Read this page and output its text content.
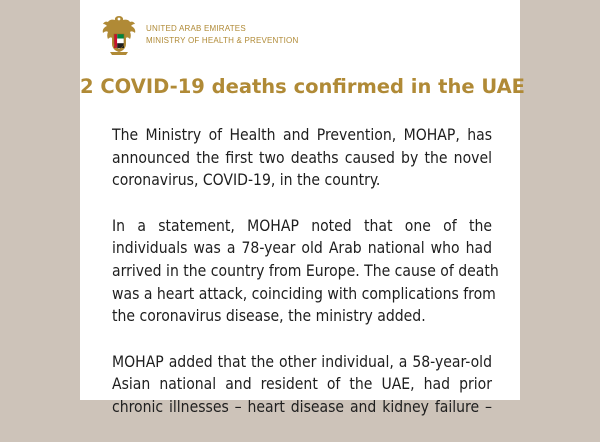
UNITED ARAB EMIRATES
MINISTRY OF HEALTH & PREVENTION
2 COVID-19 deaths confirmed in the UAE
The Ministry of Health and Prevention, MOHAP, has
announced the first two deaths caused by the novel
coronavirus, COVID-19, in the country.
In a statement, MOHAP noted that one of the
individuals was a 78-year old Arab national who had
arrived in the country from Europe. The cause of death
was a heart attack, coinciding with complications from
the coronavirus disease, the ministry added.
MOHAP added that the other individual, a 58-year-old
Asian national and resident of the UAE, had prior
chronic illnesses – heart disease and kidney failure –
